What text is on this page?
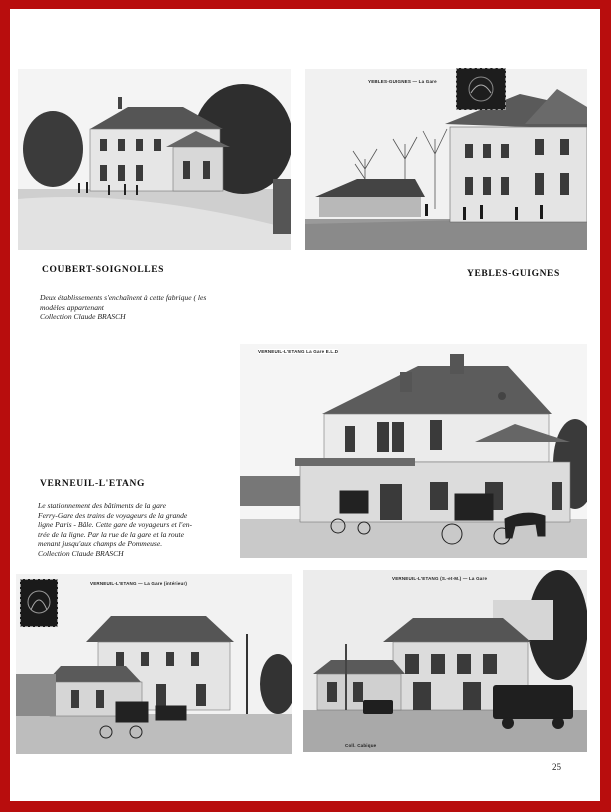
YEBLES-GUIGNES — La Gare
COUBERT-SOIGNOLLES	YEBLES-GUIGNES
Deux établissements s'enchaînent à cette fabrique ( les
modèles appartenant
Collection Claude BRASCH
VERNEUIL-L'ETANG La Gare E.L.D
VERNEUIL-L'ETANG
Le stationnement des bâtiments de la gare
Ferry-Gare des trains de voyageurs de la grande
ligne Paris - Bâle. Cette gare de voyageurs et l'en-
trée de la ligne. Par la rue de la gare et la route
menant jusqu'aux champs de Pommeuse.
Collection Claude BRASCH
VERNEUIL-L'ETANG — La Gare (intérieur)
VERNEUIL-L'ETANG (S.-et-M.) — La Gare
Coll. Cabique
25
